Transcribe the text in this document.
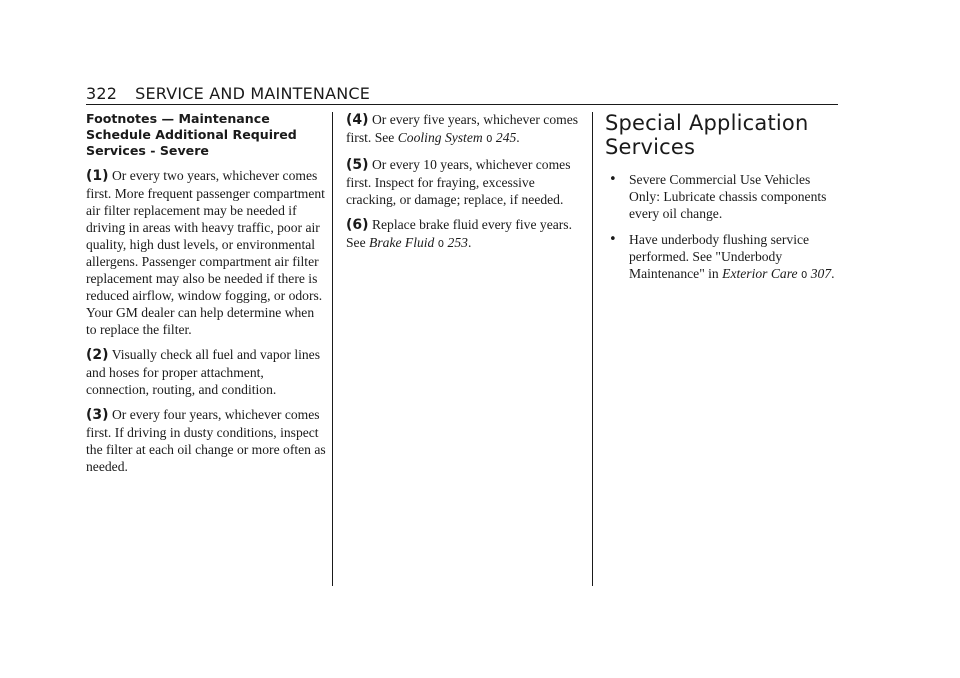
322 SERVICE AND MAINTENANCE
Footnotes — Maintenance Schedule Additional Required Services - Severe

(1) Or every two years, whichever comes first. More frequent passenger compartment air filter replacement may be needed if driving in areas with heavy traffic, poor air quality, high dust levels, or environmental allergens. Passenger compartment air filter replacement may also be needed if there is reduced airflow, window fogging, or odors. Your GM dealer can help determine when to replace the filter.

(2) Visually check all fuel and vapor lines and hoses for proper attachment, connection, routing, and condition.

(3) Or every four years, whichever comes first. If driving in dusty conditions, inspect the filter at each oil change or more often as needed.

(4) Or every five years, whichever comes first. See Cooling System 0 245.

(5) Or every 10 years, whichever comes first. Inspect for fraying, excessive cracking, or damage; replace, if needed.

(6) Replace brake fluid every five years. See Brake Fluid 0 253.

Special Application Services
• Severe Commercial Use Vehicles Only: Lubricate chassis components every oil change.
• Have underbody flushing service performed. See "Underbody Maintenance" in Exterior Care 0 307.
